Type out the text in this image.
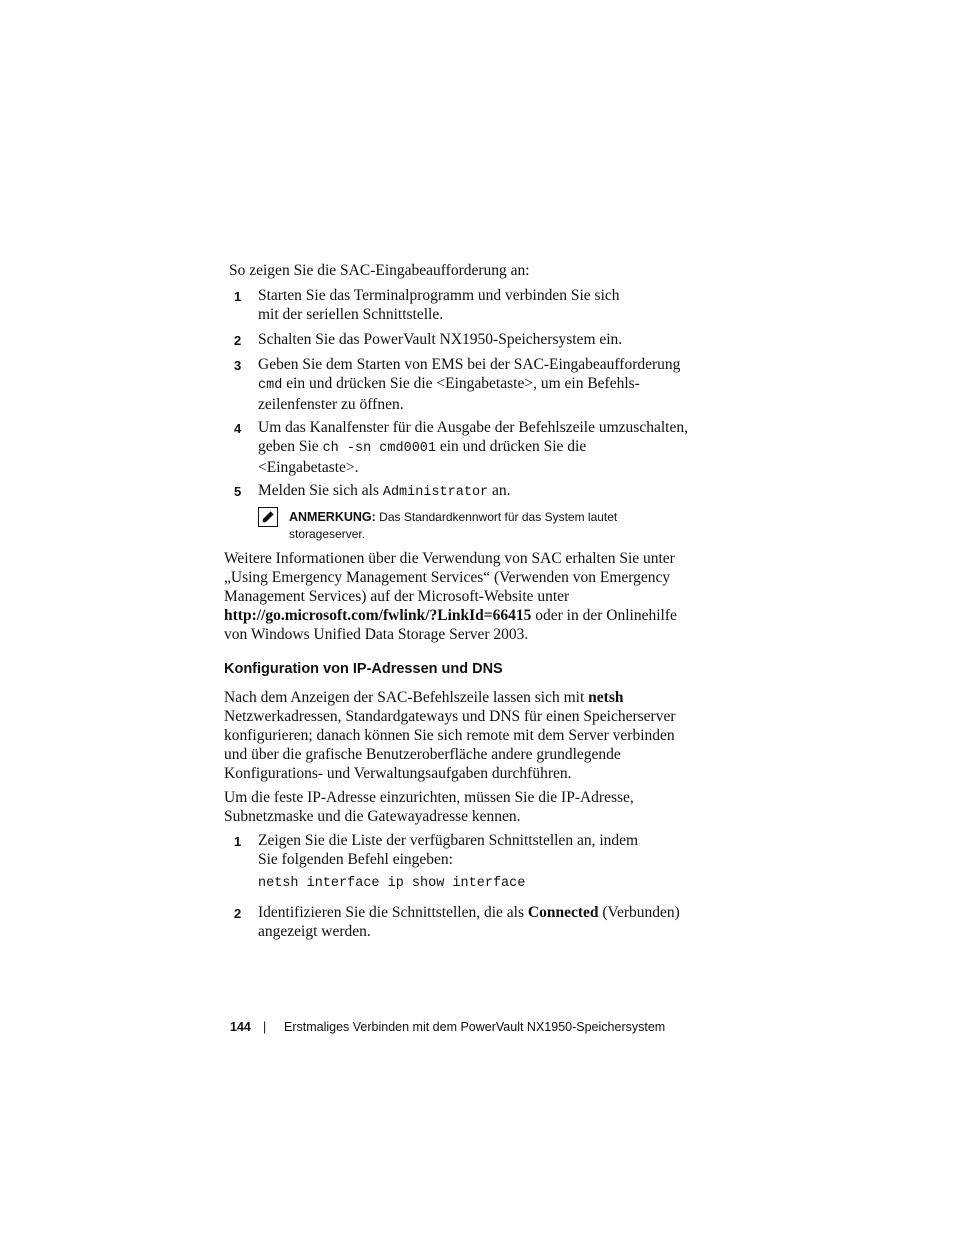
So zeigen Sie die SAC-Eingabeaufforderung an:
1 Starten Sie das Terminalprogramm und verbinden Sie sich
mit der seriellen Schnittstelle.
2 Schalten Sie das PowerVault NX1950-Speichersystem ein.
3 Geben Sie dem Starten von EMS bei der SAC-Eingabeaufforderung
cmd ein und drücken Sie die <Eingabetaste>, um ein Befehls-
zeilenfenster zu öffnen.
4 Um das Kanalfenster für die Ausgabe der Befehlszeile umzuschalten,
geben Sie ch -sn cmd0001 ein und drücken Sie die
<Eingabetaste>.
5 Melden Sie sich als Administrator an.
ANMERKUNG: Das Standardkennwort für das System lautet
storageserver.
Weitere Informationen über die Verwendung von SAC erhalten Sie unter
„Using Emergency Management Services“ (Verwenden von Emergency
Management Services) auf der Microsoft-Website unter
http://go.microsoft.com/fwlink/?LinkId=66415 oder in der Onlinehilfe
von Windows Unified Data Storage Server 2003.
Konfiguration von IP-Adressen und DNS
Nach dem Anzeigen der SAC-Befehlszeile lassen sich mit netsh
Netzwerkadressen, Standardgateways und DNS für einen Speicherserver
konfigurieren; danach können Sie sich remote mit dem Server verbinden
und über die grafische Benutzeroberfläche andere grundlegende
Konfigurations- und Verwaltungsaufgaben durchführen.
Um die feste IP-Adresse einzurichten, müssen Sie die IP-Adresse,
Subnetzmaske und die Gatewayadresse kennen.
1 Zeigen Sie die Liste der verfügbaren Schnittstellen an, indem
Sie folgenden Befehl eingeben:
netsh interface ip show interface
2 Identifizieren Sie die Schnittstellen, die als Connected (Verbunden)
angezeigt werden.
144 | Erstmaliges Verbinden mit dem PowerVault NX1950-Speichersystem
